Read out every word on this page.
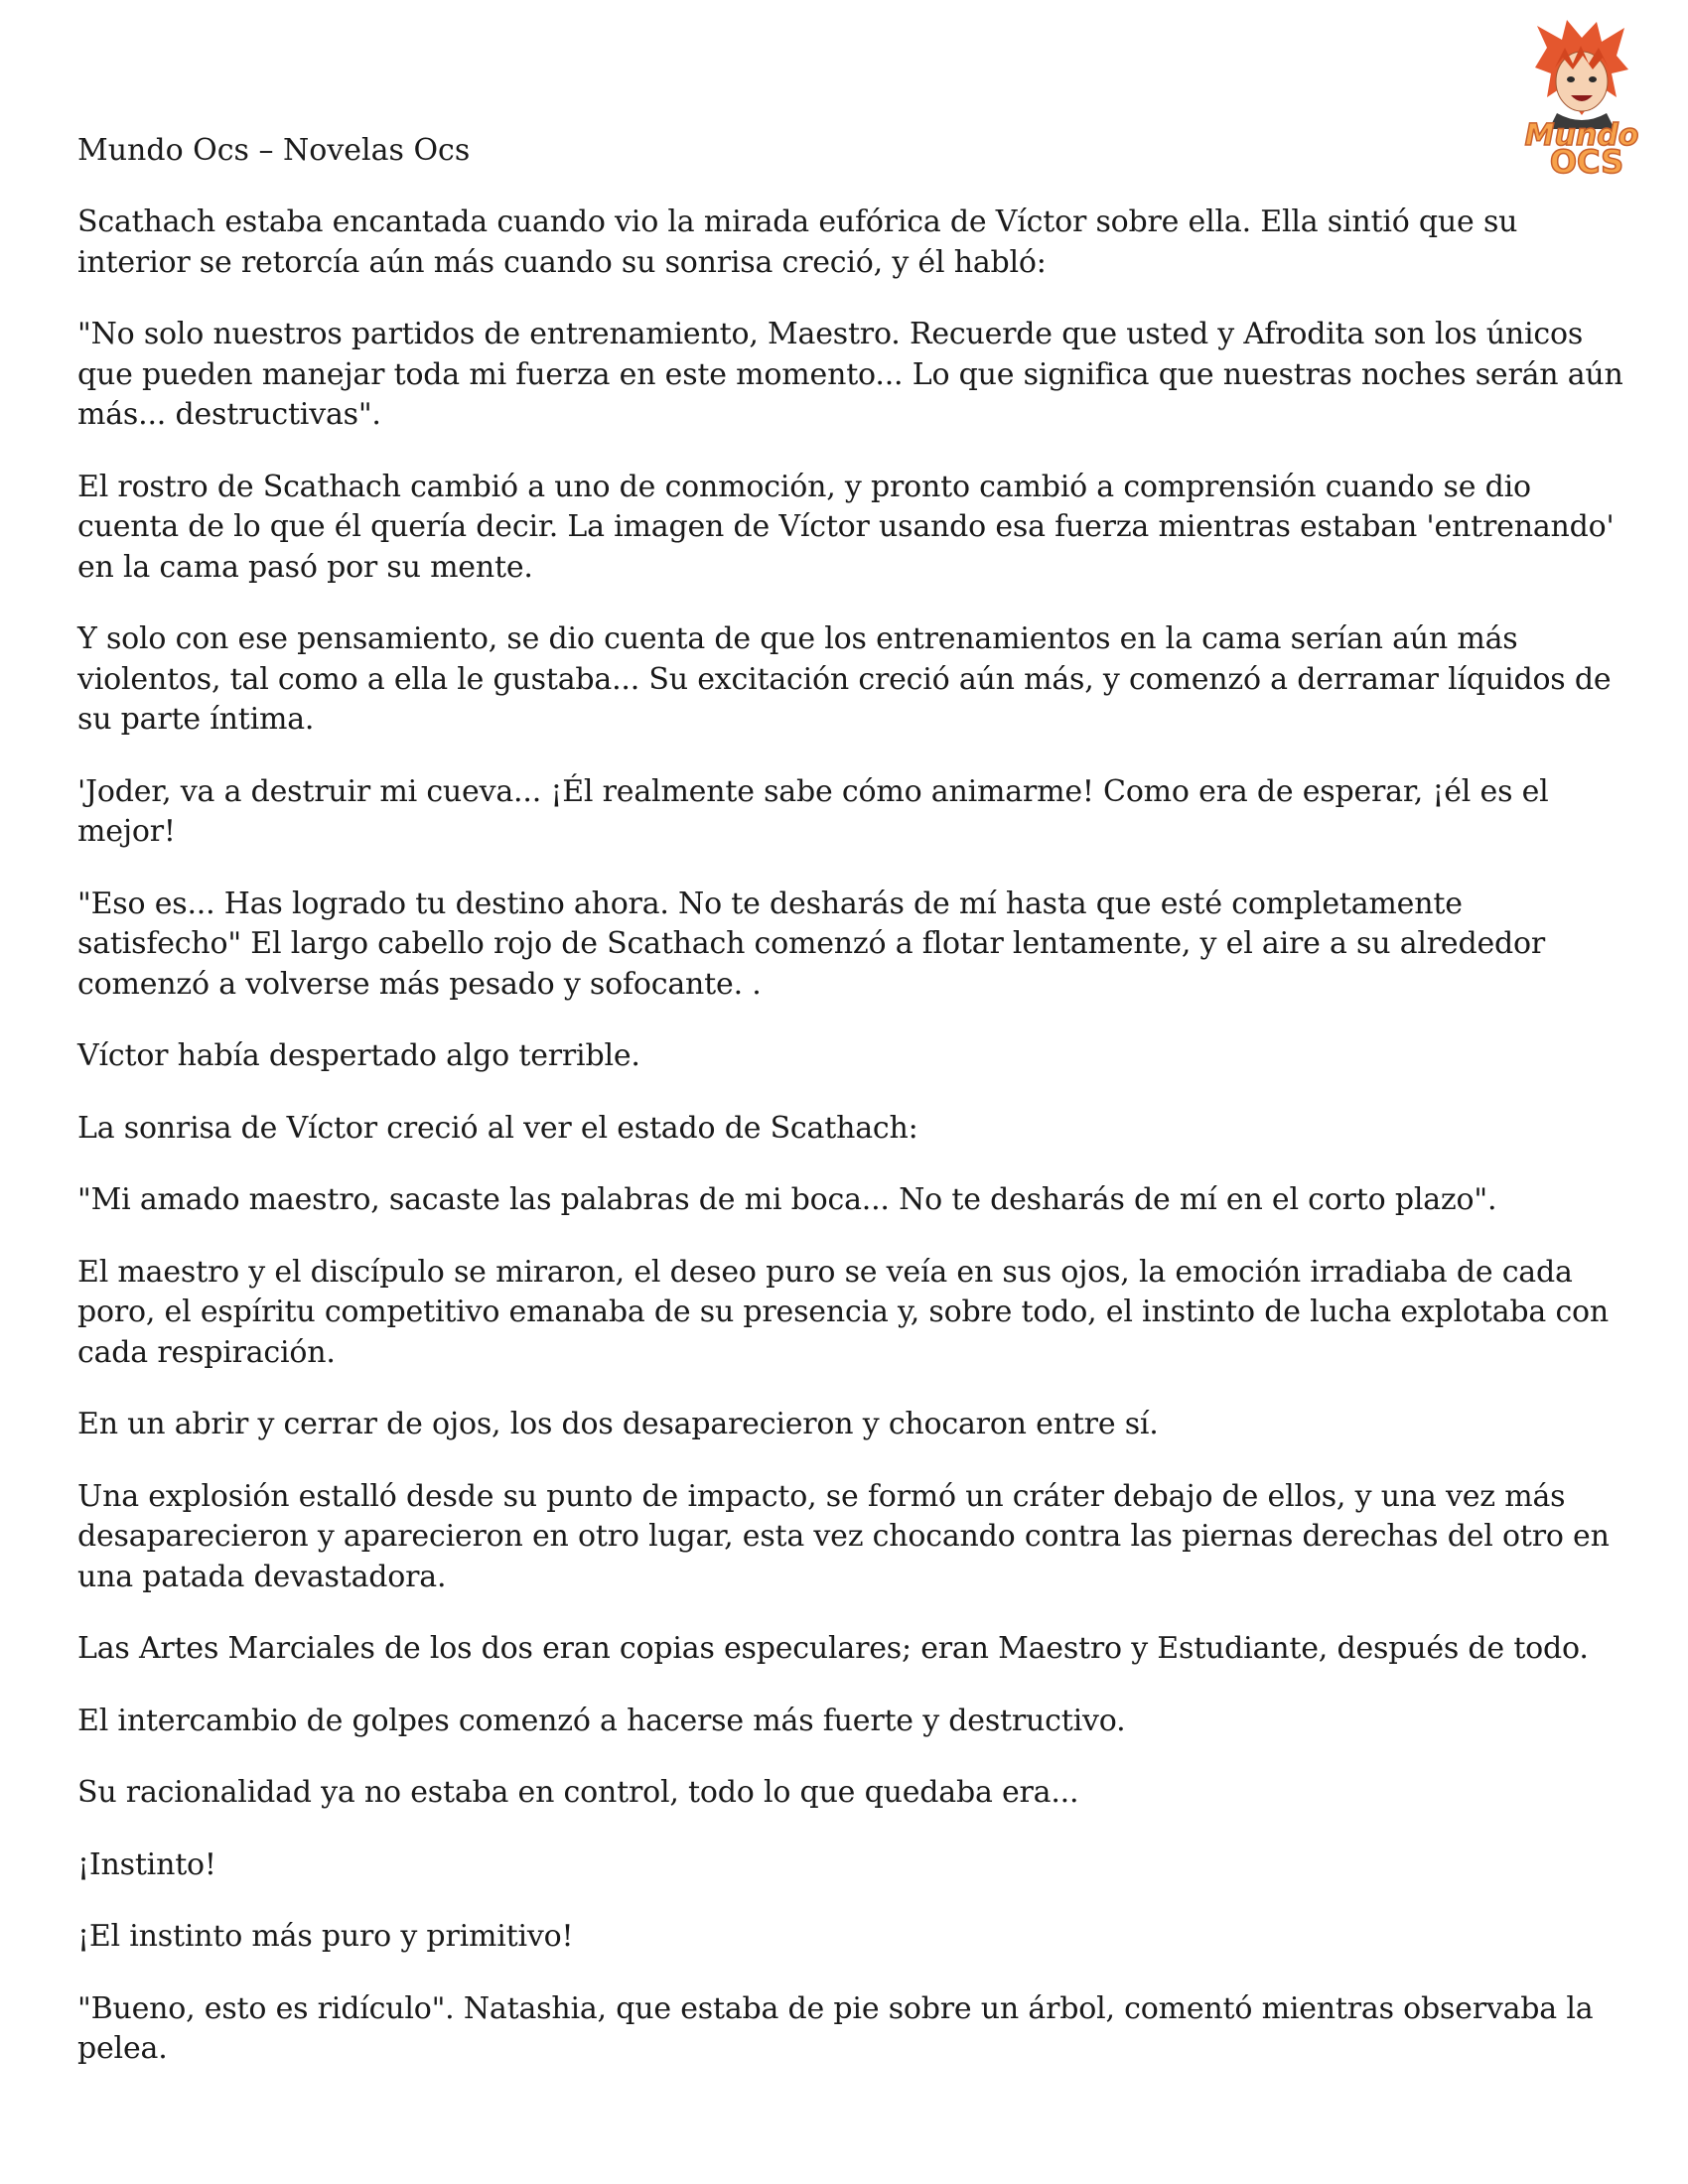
Mundo Ocs – Novelas Ocs	Mundo
OCS

Scathach estaba encantada cuando vio la mirada eufórica de Víctor sobre ella. Ella sintió que su interior se retorcía aún más cuando su sonrisa creció, y él habló:

"No solo nuestros partidos de entrenamiento, Maestro. Recuerde que usted y Afrodita son los únicos que pueden manejar toda mi fuerza en este momento... Lo que significa que nuestras noches serán aún más... destructivas".

El rostro de Scathach cambió a uno de conmoción, y pronto cambió a comprensión cuando se dio cuenta de lo que él quería decir. La imagen de Víctor usando esa fuerza mientras estaban 'entrenando' en la cama pasó por su mente.

Y solo con ese pensamiento, se dio cuenta de que los entrenamientos en la cama serían aún más violentos, tal como a ella le gustaba... Su excitación creció aún más, y comenzó a derramar líquidos de su parte íntima.

'Joder, va a destruir mi cueva... ¡Él realmente sabe cómo animarme! Como era de esperar, ¡él es el mejor!

"Eso es... Has logrado tu destino ahora. No te desharás de mí hasta que esté completamente satisfecho" El largo cabello rojo de Scathach comenzó a flotar lentamente, y el aire a su alrededor comenzó a volverse más pesado y sofocante. .

Víctor había despertado algo terrible.

La sonrisa de Víctor creció al ver el estado de Scathach:

"Mi amado maestro, sacaste las palabras de mi boca... No te desharás de mí en el corto plazo".

El maestro y el discípulo se miraron, el deseo puro se veía en sus ojos, la emoción irradiaba de cada poro, el espíritu competitivo emanaba de su presencia y, sobre todo, el instinto de lucha explotaba con cada respiración.

En un abrir y cerrar de ojos, los dos desaparecieron y chocaron entre sí.

Una explosión estalló desde su punto de impacto, se formó un cráter debajo de ellos, y una vez más desaparecieron y aparecieron en otro lugar, esta vez chocando contra las piernas derechas del otro en una patada devastadora.

Las Artes Marciales de los dos eran copias especulares; eran Maestro y Estudiante, después de todo.

El intercambio de golpes comenzó a hacerse más fuerte y destructivo.

Su racionalidad ya no estaba en control, todo lo que quedaba era...

¡Instinto!

¡El instinto más puro y primitivo!

"Bueno, esto es ridículo". Natashia, que estaba de pie sobre un árbol, comentó mientras observaba la pelea.
